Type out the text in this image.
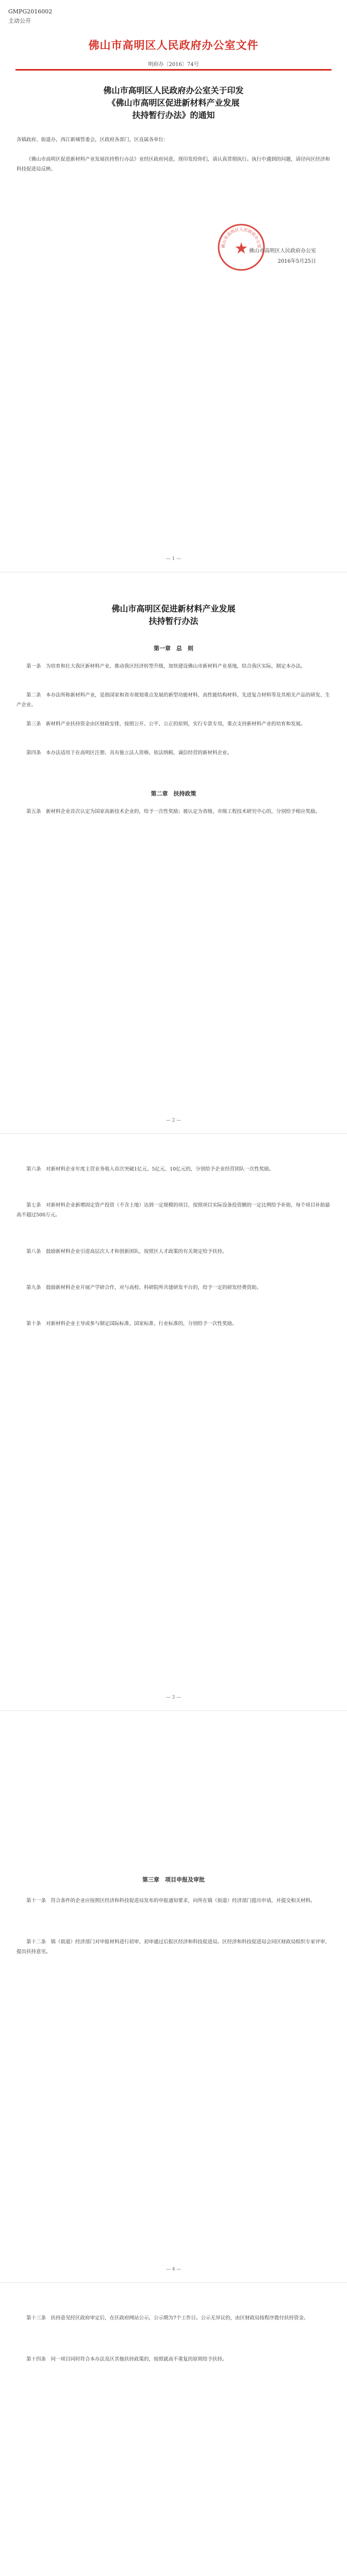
GMPG2016002
主动公开
佛山市高明区人民政府办公室文件
明府办〔2016〕74号
佛山市高明区人民政府办公室关于印发
《佛山市高明区促进新材料产业发展
扶持暂行办法》的通知

各镇政府、街道办，西江新城管委会，区政府各部门，区直属各单位：

《佛山市高明区促进新材料产业发展扶持暂行办法》业经区政府同意，现印发给你们，请认真贯彻执行。执行中遇到的问题，请径向区经济和科技促进局反映。

佛山市高明区人民政府办公室
★ 佛山市高明区人民政府办公室
2016年5月25日
— 1 —
佛山市高明区促进新材料产业发展
扶持暂行办法
第一章　总　则

第一条　为培育和壮大我区新材料产业，推动我区经济转型升级，加快建设佛山市新材料产业基地，结合我区实际，制定本办法。

第二条　本办法所称新材料产业，是指国家和省市规划重点发展的新型功能材料、高性能结构材料、先进复合材料等及其相关产品的研发、生产企业。

第三条　新材料产业扶持资金由区财政安排，按照公开、公平、公正的原则，实行专款专用，重点支持新材料产业的培育和发展。

第四条　本办法适用于在高明区注册、具有独立法人资格、依法纳税、诚信经营的新材料企业。

第二章　扶持政策

第五条　新材料企业首次认定为国家高新技术企业的，给予一次性奖励；被认定为省级、市级工程技术研究中心的，分别给予相应奖励。

— 2 —

第六条　对新材料企业年度主营业务收入首次突破1亿元、5亿元、10亿元的，分别给予企业经营团队一次性奖励。

第七条　对新材料企业新增固定资产投资（不含土地）达到一定规模的项目，按照项目实际设备投资额的一定比例给予补助，每个项目补助最高不超过500万元。

第八条　鼓励新材料企业引进高层次人才和创新团队，按照区人才政策的有关规定给予扶持。

第九条　鼓励新材料企业开展产学研合作，对与高校、科研院所共建研发平台的，给予一定的研发经费资助。

第十条　对新材料企业主导或参与制定国际标准、国家标准、行业标准的，分别给予一次性奖励。

— 3 —
第三章　项目申报及审批

第十一条　符合条件的企业应按照区经济和科技促进局发布的申报通知要求，向所在镇（街道）经济部门提出申请，并提交相关材料。

第十二条　镇（街道）经济部门对申报材料进行初审，初审通过后报区经济和科技促进局。区经济和科技促进局会同区财政局组织专家评审，提出扶持意见。

— 4 —

第十三条　扶持意见经区政府审定后，在区政府网站公示，公示期为7个工作日。公示无异议的，由区财政局按程序拨付扶持资金。

第十四条　同一项目同时符合本办法及区其他扶持政策的，按照就高不重复的原则给予扶持。
